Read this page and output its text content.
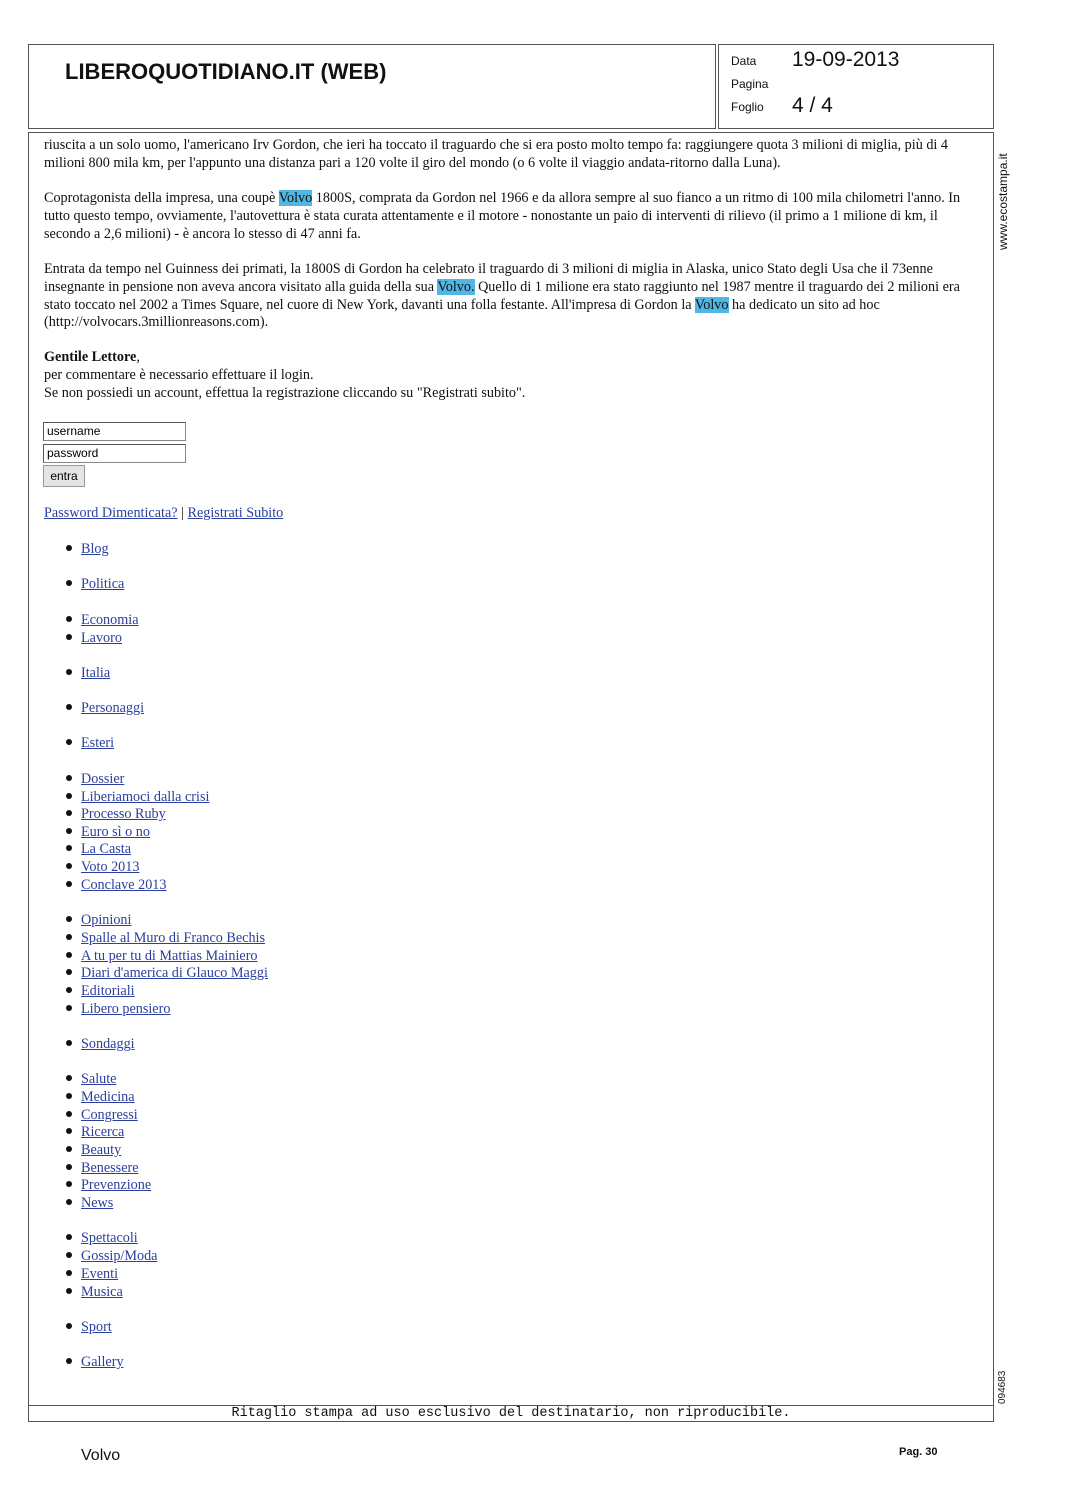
LIBEROQUOTIDIANO.IT (WEB)	Data 19-09-2013
Pagina
Foglio 4 / 4
www.ecostampa.it
094683
riuscita a un solo uomo, l'americano Irv Gordon, che ieri ha toccato il traguardo che si era posto molto tempo fa: raggiungere quota 3 milioni di miglia, più di 4 milioni 800 mila km, per l'appunto una distanza pari a 120 volte il giro del mondo (o 6 volte il viaggio andata-ritorno dalla Luna).
Coprotagonista della impresa, una coupè Volvo 1800S, comprata da Gordon nel 1966 e da allora sempre al suo fianco a un ritmo di 100 mila chilometri l'anno. In tutto questo tempo, ovviamente, l'autovettura è stata curata attentamente e il motore - nonostante un paio di interventi di rilievo (il primo a 1 milione di km, il secondo a 2,6 milioni) - è ancora lo stesso di 47 anni fa.
Entrata da tempo nel Guinness dei primati, la 1800S di Gordon ha celebrato il traguardo di 3 milioni di miglia in Alaska, unico Stato degli Usa che il 73enne insegnante in pensione non aveva ancora visitato alla guida della sua Volvo. Quello di 1 milione era stato raggiunto nel 1987 mentre il traguardo dei 2 milioni era stato toccato nel 2002 a Times Square, nel cuore di New York, davanti una folla festante. All'impresa di Gordon la Volvo ha dedicato un sito ad hoc (http://volvocars.3millionreasons.com).
Gentile Lettore,
per commentare è necessario effettuare il login.
Se non possiedi un account, effettua la registrazione cliccando su "Registrati subito".
username
password
entra
Password Dimenticata? | Registrati Subito
Blog
Politica
Economia
Lavoro
Italia
Personaggi
Esteri
Dossier
Liberiamoci dalla crisi
Processo Ruby
Euro sì o no
La Casta
Voto 2013
Conclave 2013
Opinioni
Spalle al Muro di Franco Bechis
A tu per tu di Mattias Mainiero
Diari d'america di Glauco Maggi
Editoriali
Libero pensiero
Sondaggi
Salute
Medicina
Congressi
Ricerca
Beauty
Benessere
Prevenzione
News
Spettacoli
Gossip/Moda
Eventi
Musica
Sport
Gallery
Ritaglio stampa ad uso esclusivo del destinatario, non riproducibile.
Volvo	Pag. 30
